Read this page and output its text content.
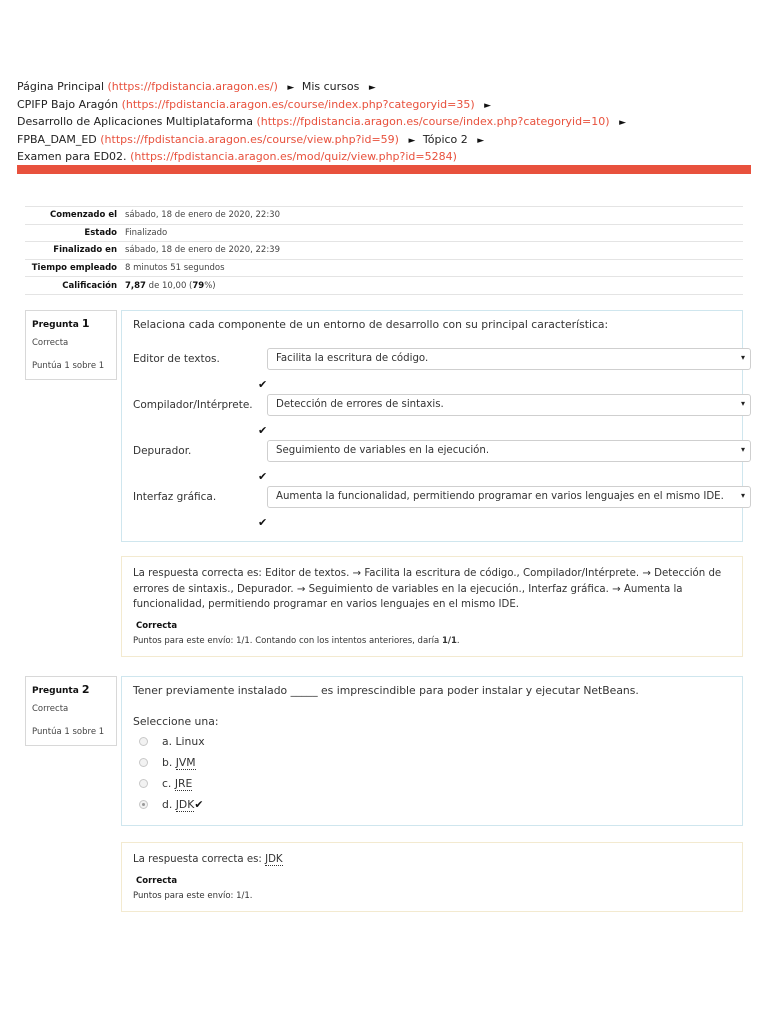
Página Principal (https://fpdistancia.aragon.es/) ► Mis cursos ►
CPIFP Bajo Aragón (https://fpdistancia.aragon.es/course/index.php?categoryid=35) ►
Desarrollo de Aplicaciones Multiplataforma (https://fpdistancia.aragon.es/course/index.php?categoryid=10) ►
FPBA_DAM_ED (https://fpdistancia.aragon.es/course/view.php?id=59) ► Tópico 2 ►
Examen para ED02. (https://fpdistancia.aragon.es/mod/quiz/view.php?id=5284)
Comenzado el	sábado, 18 de enero de 2020, 22:30
Estado	Finalizado
Finalizado en	sábado, 18 de enero de 2020, 22:39
Tiempo empleado	8 minutos 51 segundos
Calificación	7,87 de 10,00 (79%)
Pregunta 1
Correcta
Puntúa 1 sobre 1
Relaciona cada componente de un entorno de desarrollo con su principal característica:
Editor de textos.	Facilita la escritura de código.	▾
✔
Compilador/Intérprete.	Detección de errores de sintaxis.	▾
✔
Depurador.	Seguimiento de variables en la ejecución.	▾
✔
Interfaz gráfica.	Aumenta la funcionalidad, permitiendo programar en varios lenguajes en el mismo IDE. ▾
✔
La respuesta correcta es: Editor de textos. → Facilita la escritura de código., Compilador/Intérprete. → Detección de errores de sintaxis., Depurador. → Seguimiento de variables en la ejecución., Interfaz gráfica. → Aumenta la funcionalidad, permitiendo programar en varios lenguajes en el mismo IDE.
Correcta
Puntos para este envío: 1/1. Contando con los intentos anteriores, daría 1/1.
Pregunta 2
Correcta
Puntúa 1 sobre 1
Tener previamente instalado _____ es imprescindible para poder instalar y ejecutar NetBeans.
Seleccione una:
a. Linux
b. JVM
c. JRE
d. JDK✔
La respuesta correcta es: JDK
Correcta
Puntos para este envío: 1/1.
